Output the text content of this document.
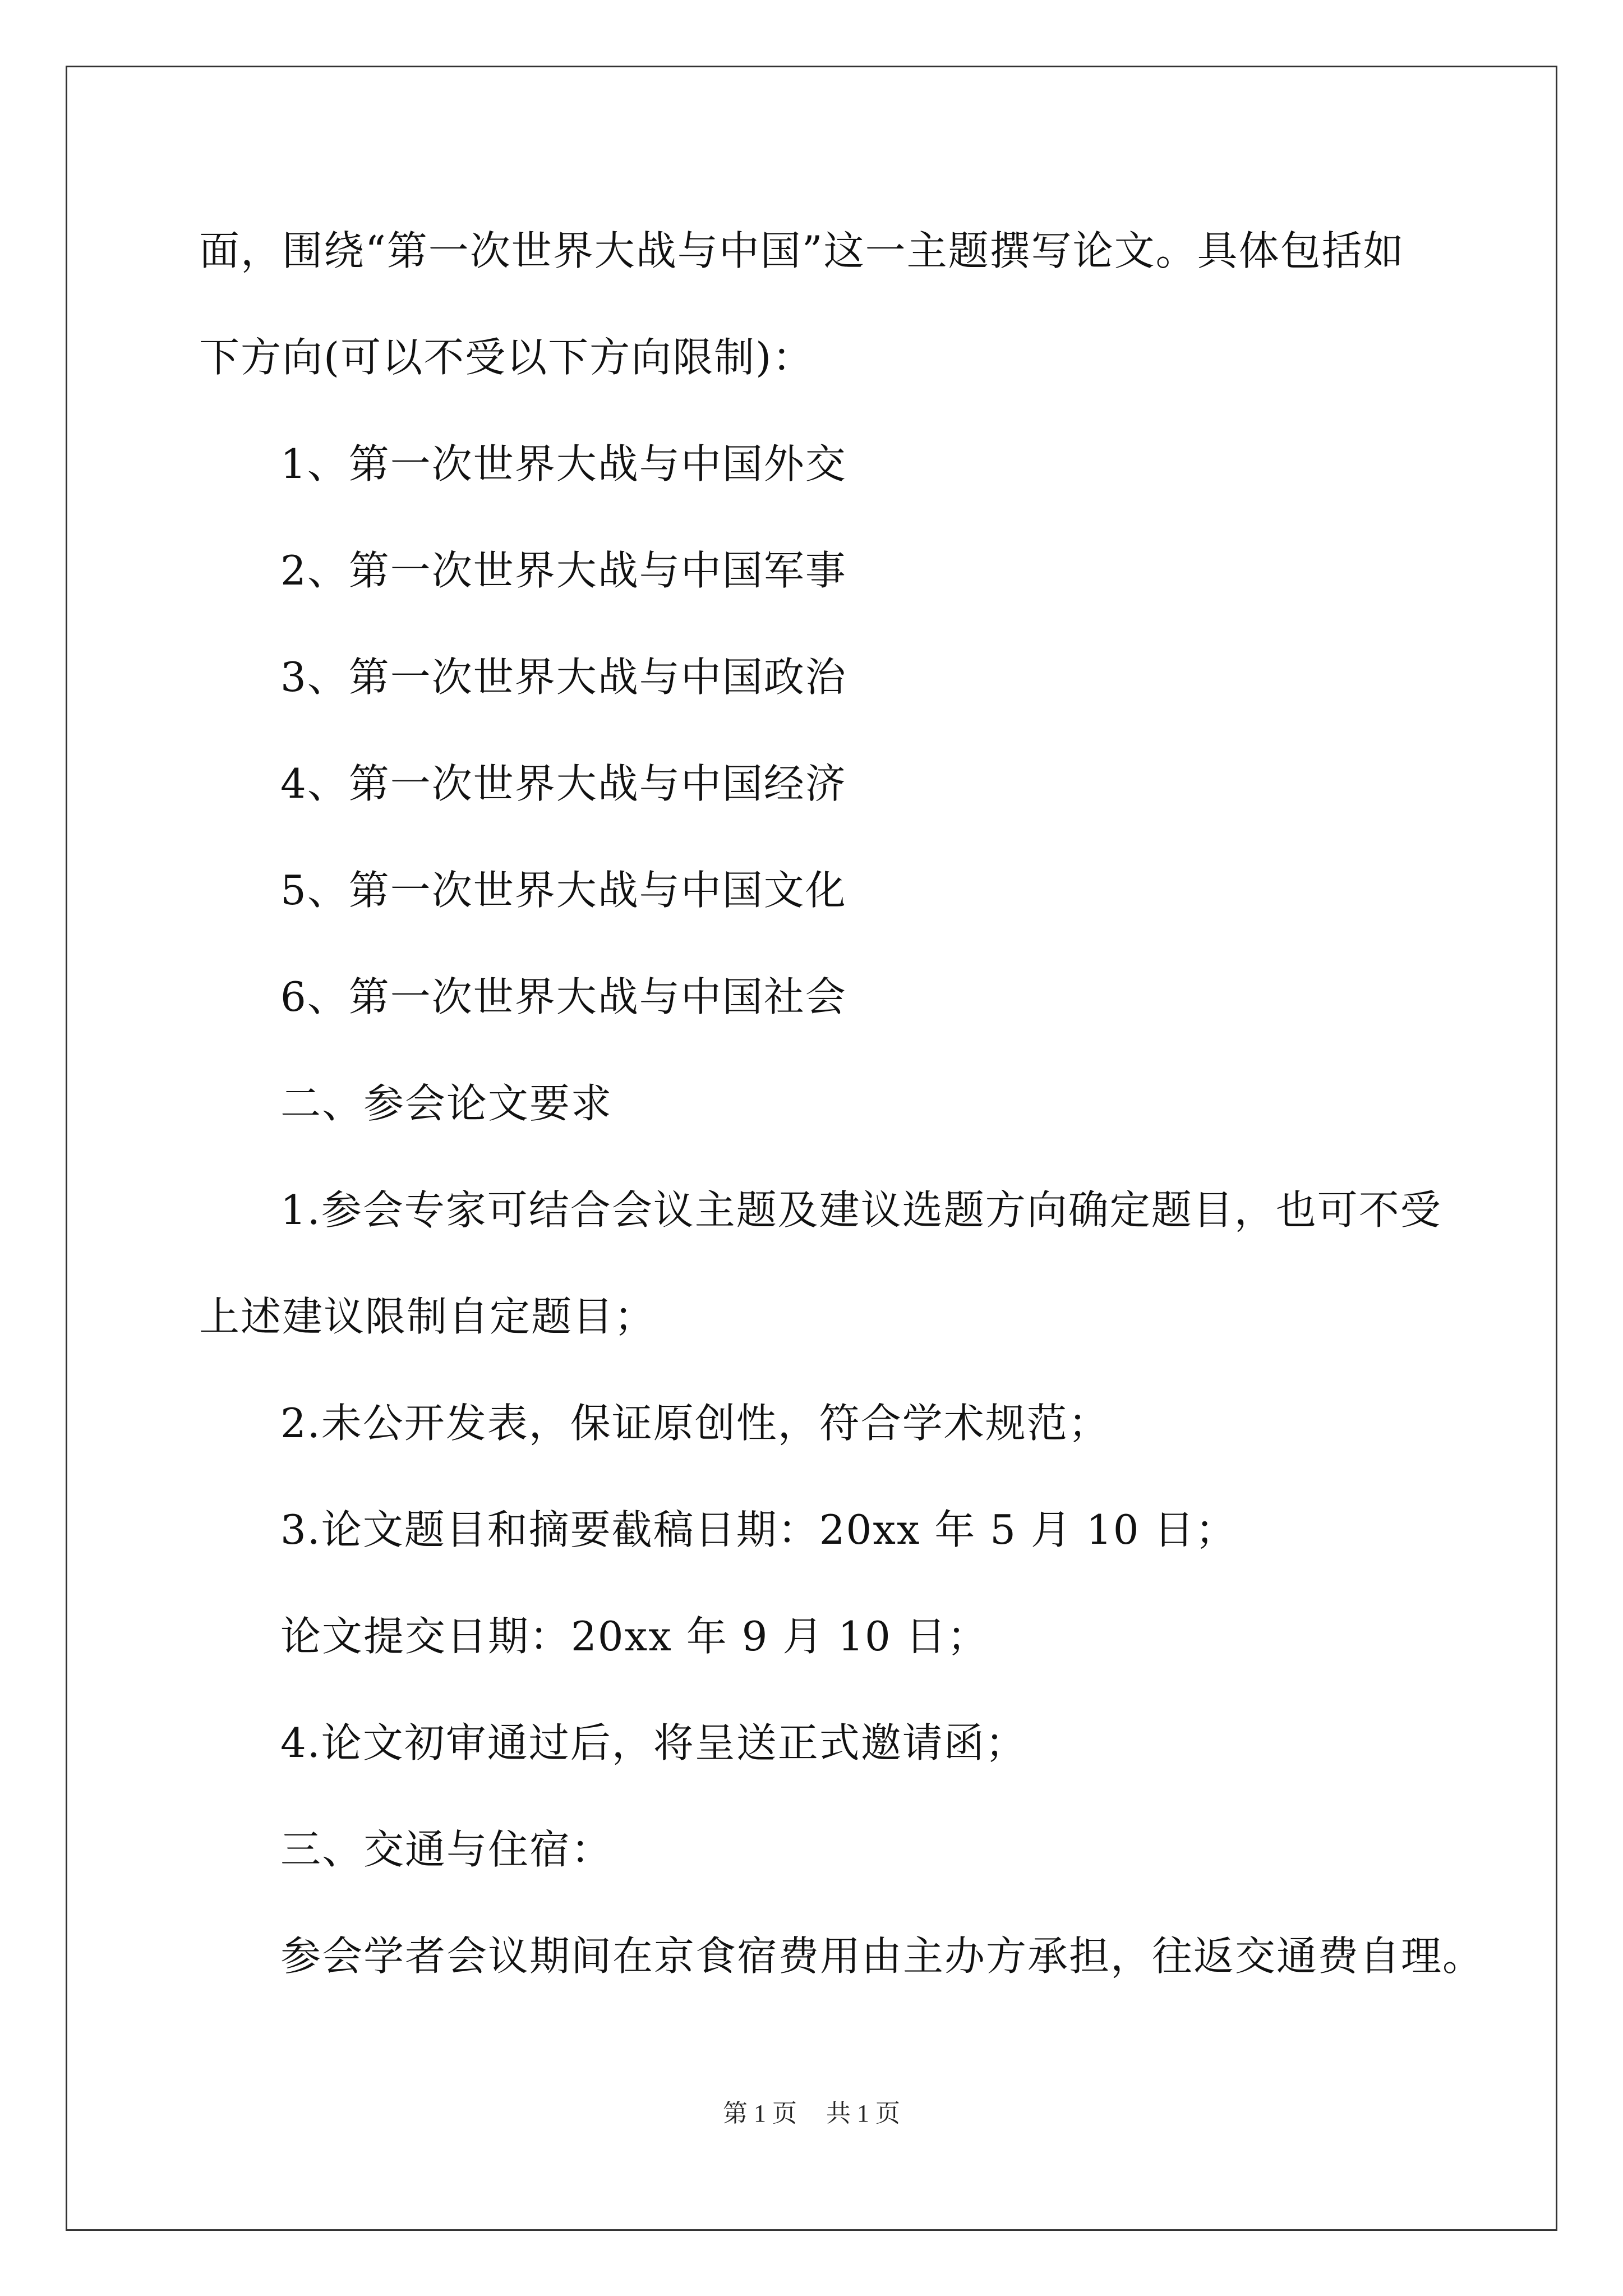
面，围绕“第一次世界大战与中国”这一主题撰写论文。具体包括如
下方向(可以不受以下方向限制)：
1、第一次世界大战与中国外交
2、第一次世界大战与中国军事
3、第一次世界大战与中国政治
4、第一次世界大战与中国经济
5、第一次世界大战与中国文化
6、第一次世界大战与中国社会
二、参会论文要求
1.参会专家可结合会议主题及建议选题方向确定题目，也可不受
上述建议限制自定题目；
2.未公开发表，保证原创性，符合学术规范；
3.论文题目和摘要截稿日期：20xx 年 5 月 10 日；
论文提交日期：20xx 年 9 月 10 日；
4.论文初审通过后，将呈送正式邀请函；
三、交通与住宿：
参会学者会议期间在京食宿费用由主办方承担，往返交通费自理。
第 1 页 共 1 页
